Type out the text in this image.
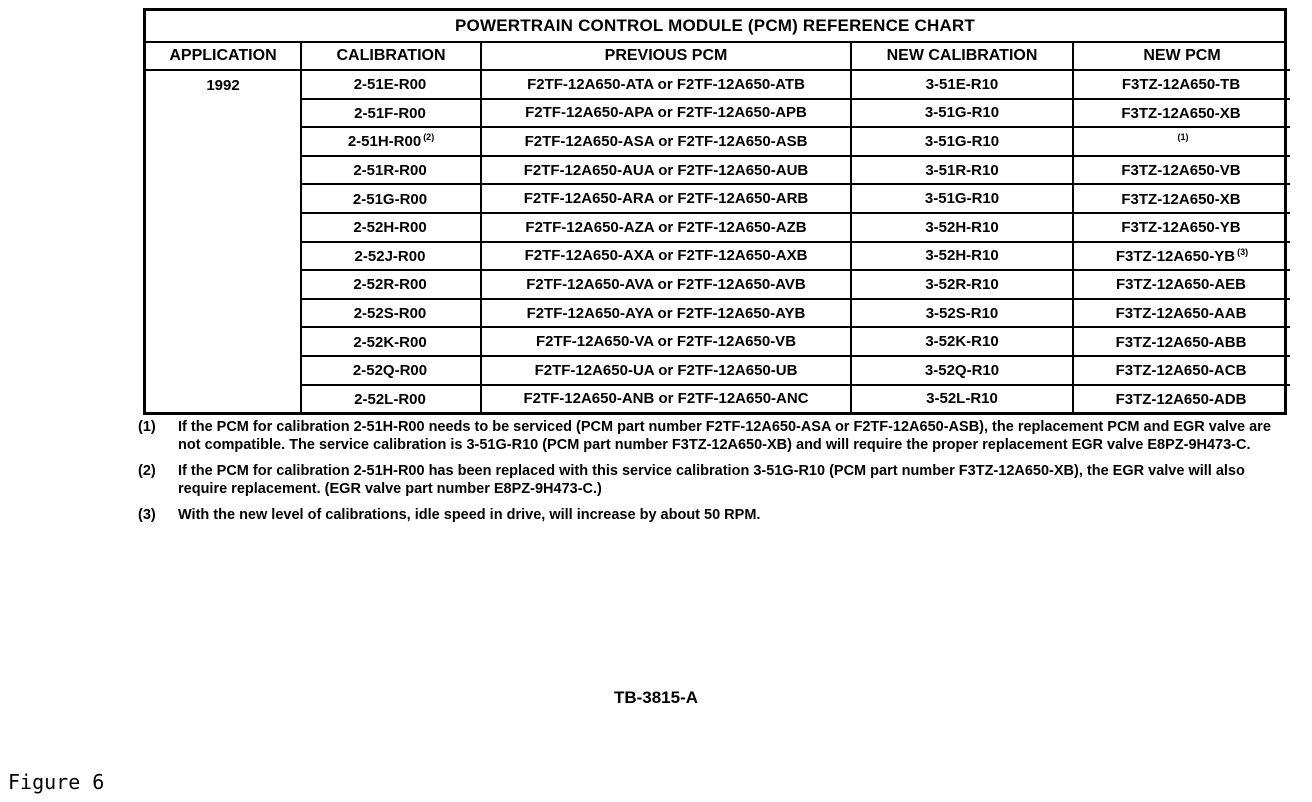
POWERTRAIN CONTROL MODULE (PCM) REFERENCE CHART
APPLICATION	CALIBRATION	PREVIOUS PCM	NEW CALIBRATION	NEW PCM
1992	2-51E-R00	F2TF-12A650-ATA or F2TF-12A650-ATB	3-51E-R10	F3TZ-12A650-TB
	2-51F-R00	F2TF-12A650-APA or F2TF-12A650-APB	3-51G-R10	F3TZ-12A650-XB
	2-51H-R00 $^{(2)}$	F2TF-12A650-ASA or F2TF-12A650-ASB	3-51G-R10	$^{(1)}$
	2-51R-R00	F2TF-12A650-AUA or F2TF-12A650-AUB	3-51R-R10	F3TZ-12A650-VB
	2-51G-R00	F2TF-12A650-ARA or F2TF-12A650-ARB	3-51G-R10	F3TZ-12A650-XB
	2-52H-R00	F2TF-12A650-AZA or F2TF-12A650-AZB	3-52H-R10	F3TZ-12A650-YB
	2-52J-R00	F2TF-12A650-AXA or F2TF-12A650-AXB	3-52H-R10	F3TZ-12A650-YB $^{(3)}$
	2-52R-R00	F2TF-12A650-AVA or F2TF-12A650-AVB	3-52R-R10	F3TZ-12A650-AEB
	2-52S-R00	F2TF-12A650-AYA or F2TF-12A650-AYB	3-52S-R10	F3TZ-12A650-AAB
	2-52K-R00	F2TF-12A650-VA or F2TF-12A650-VB	3-52K-R10	F3TZ-12A650-ABB
	2-52Q-R00	F2TF-12A650-UA or F2TF-12A650-UB	3-52Q-R10	F3TZ-12A650-ACB
	2-52L-R00	F2TF-12A650-ANB or F2TF-12A650-ANC	3-52L-R10	F3TZ-12A650-ADB
(1)	If the PCM for calibration 2-51H-R00 needs to be serviced (PCM part number F2TF-12A650-ASA or F2TF-12A650-ASB), the replacement PCM and EGR valve are not compatible. The service calibration is 3-51G-R10 (PCM part number F3TZ-12A650-XB) and will require the proper replacement EGR valve E8PZ-9H473-C.
(2)	If the PCM for calibration 2-51H-R00 has been replaced with this service calibration 3-51G-R10 (PCM part number F3TZ-12A650-XB), the EGR valve will also require replacement. (EGR valve part number E8PZ-9H473-C.)
(3)	With the new level of calibrations, idle speed in drive, will increase by about 50 RPM.
TB-3815-A
Figure 6
